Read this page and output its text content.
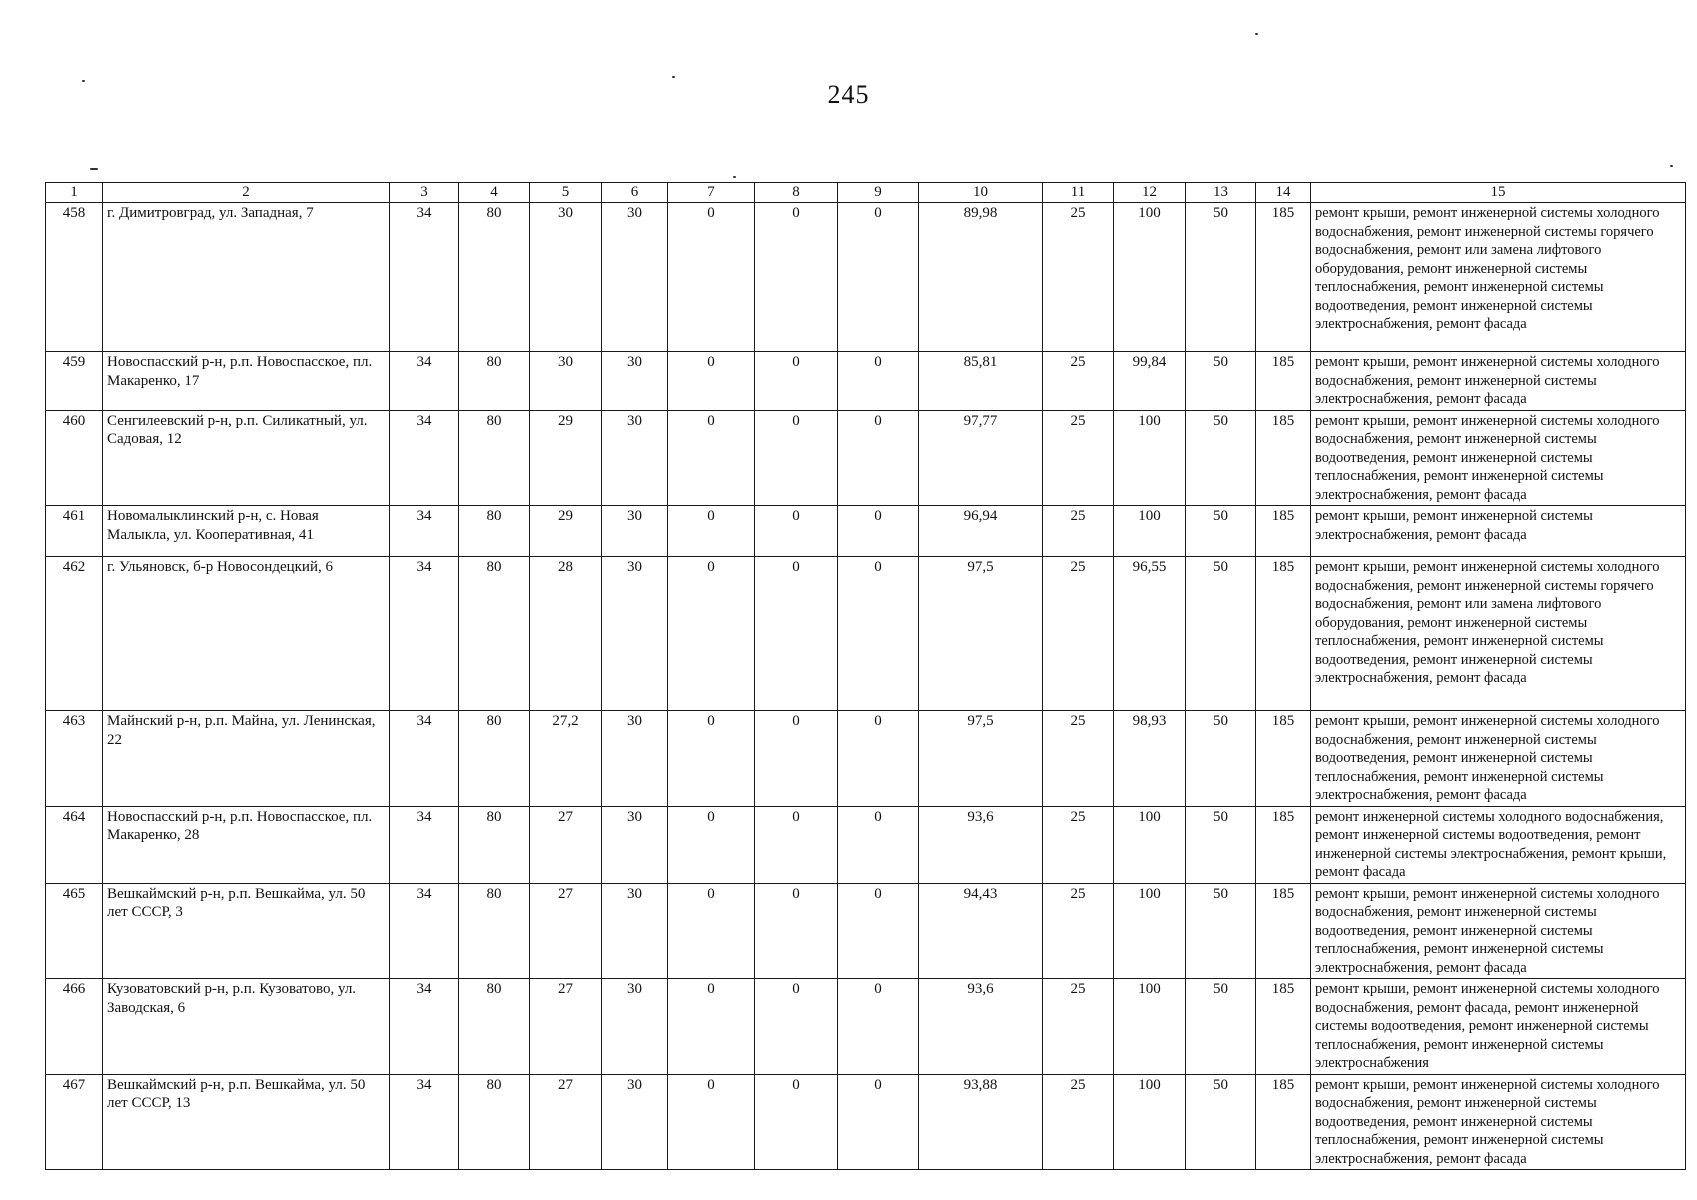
245
1	2	3	4	5	6	7	8	9	10	11	12	13	14	15
458	г. Димитровград, ул. Западная, 7	34	80	30	30	0	0	0	89,98	25	100	50	185	ремонт крыши, ремонт инженерной системы холодного водоснабжения, ремонт инженерной системы горячего водоснабжения, ремонт или замена лифтового оборудования, ремонт инженерной системы теплоснабжения, ремонт инженерной системы водоотведения, ремонт инженерной системы электроснабжения, ремонт фасада
459	Новоспасский р-н, р.п. Новоспасское, пл. Макаренко, 17	34	80	30	30	0	0	0	85,81	25	99,84	50	185	ремонт крыши, ремонт инженерной системы холодного водоснабжения, ремонт инженерной системы электроснабжения, ремонт фасада
460	Сенгилеевский р-н, р.п. Силикатный, ул. Садовая, 12	34	80	29	30	0	0	0	97,77	25	100	50	185	ремонт крыши, ремонт инженерной системы холодного водоснабжения, ремонт инженерной системы водоотведения, ремонт инженерной системы теплоснабжения, ремонт инженерной системы электроснабжения, ремонт фасада
461	Новомалыклинский р-н, с. Новая Малыкла, ул. Кооперативная, 41	34	80	29	30	0	0	0	96,94	25	100	50	185	ремонт крыши, ремонт инженерной системы электроснабжения, ремонт фасада
462	г. Ульяновск, б-р Новосондецкий, 6	34	80	28	30	0	0	0	97,5	25	96,55	50	185	ремонт крыши, ремонт инженерной системы холодного водоснабжения, ремонт инженерной системы горячего водоснабжения, ремонт или замена лифтового оборудования, ремонт инженерной системы теплоснабжения, ремонт инженерной системы водоотведения, ремонт инженерной системы электроснабжения, ремонт фасада
463	Майнский р-н, р.п. Майна, ул. Ленинская, 22	34	80	27,2	30	0	0	0	97,5	25	98,93	50	185	ремонт крыши, ремонт инженерной системы холодного водоснабжения, ремонт инженерной системы водоотведения, ремонт инженерной системы теплоснабжения, ремонт инженерной системы электроснабжения, ремонт фасада
464	Новоспасский р-н, р.п. Новоспасское, пл. Макаренко, 28	34	80	27	30	0	0	0	93,6	25	100	50	185	ремонт инженерной системы холодного водоснабжения, ремонт инженерной системы водоотведения, ремонт инженерной системы электроснабжения, ремонт крыши, ремонт фасада
465	Вешкаймский р-н, р.п. Вешкайма, ул. 50 лет СССР, 3	34	80	27	30	0	0	0	94,43	25	100	50	185	ремонт крыши, ремонт инженерной системы холодного водоснабжения, ремонт инженерной системы водоотведения, ремонт инженерной системы теплоснабжения, ремонт инженерной системы электроснабжения, ремонт фасада
466	Кузоватовский р-н, р.п. Кузоватово, ул. Заводская, 6	34	80	27	30	0	0	0	93,6	25	100	50	185	ремонт крыши, ремонт инженерной системы холодного водоснабжения, ремонт фасада, ремонт инженерной системы водоотведения, ремонт инженерной системы теплоснабжения, ремонт инженерной системы электроснабжения
467	Вешкаймский р-н, р.п. Вешкайма, ул. 50 лет СССР, 13	34	80	27	30	0	0	0	93,88	25	100	50	185	ремонт крыши, ремонт инженерной системы холодного водоснабжения, ремонт инженерной системы водоотведения, ремонт инженерной системы теплоснабжения, ремонт инженерной системы электроснабжения, ремонт фасада
